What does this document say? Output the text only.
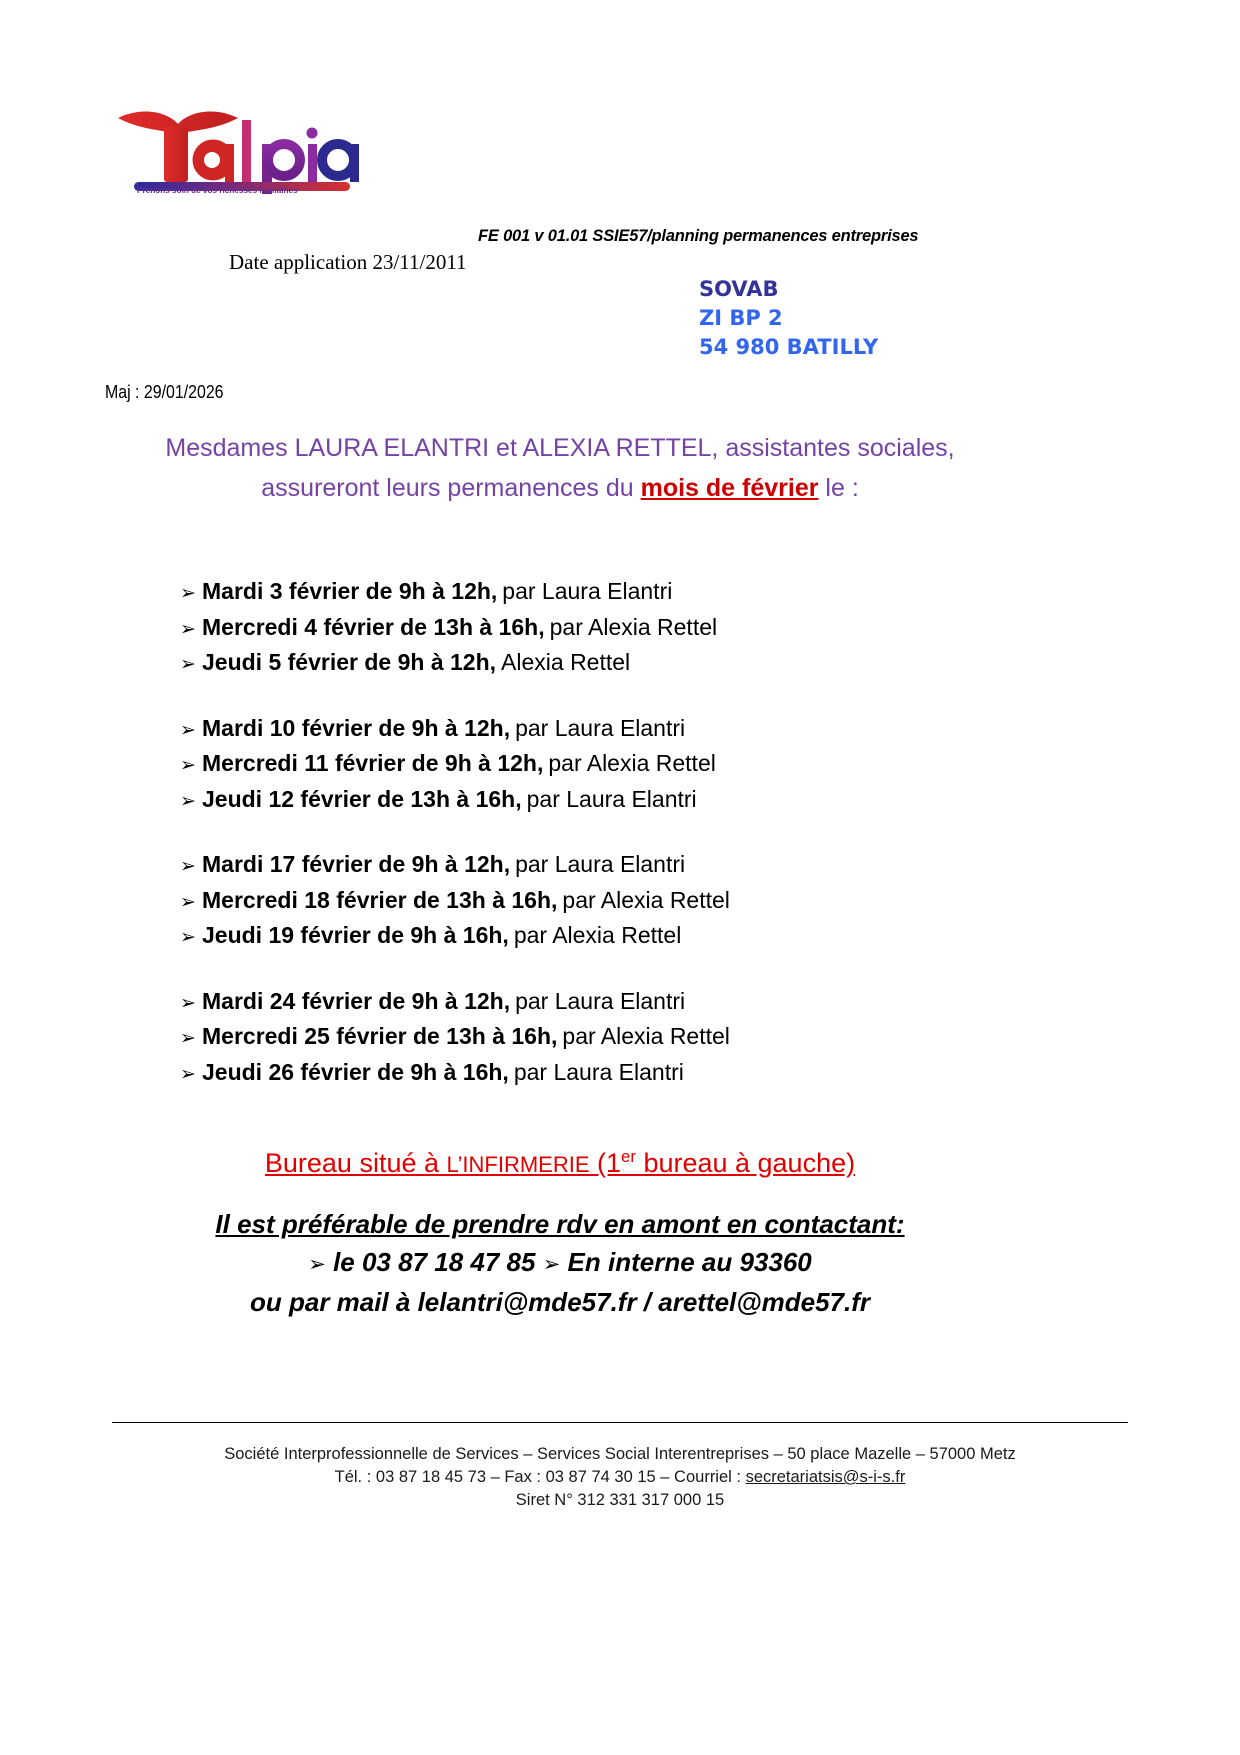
Prenons soin de vos richesses humaines
FE 001 v 01.01 SSIE57/planning permanences entreprises
Date application 23/11/2011
SOVAB
ZI BP 2
54 980 BATILLY
Maj : 29/01/2026
Mesdames LAURA ELANTRI et ALEXIA RETTEL, assistantes sociales,
assureront leurs permanences du mois de février le :
➢ Mardi 3 février de 9h à 12h, par Laura Elantri
➢ Mercredi 4 février de 13h à 16h, par Alexia Rettel
➢ Jeudi 5 février de 9h à 12h, Alexia Rettel
➢ Mardi 10 février de 9h à 12h, par Laura Elantri
➢ Mercredi 11 février de 9h à 12h, par Alexia Rettel
➢ Jeudi 12 février de 13h à 16h, par Laura Elantri
➢ Mardi 17 février de 9h à 12h, par Laura Elantri
➢ Mercredi 18 février de 13h à 16h, par Alexia Rettel
➢ Jeudi 19 février de 9h à 16h, par Alexia Rettel
➢ Mardi 24 février de 9h à 12h, par Laura Elantri
➢ Mercredi 25 février de 13h à 16h, par Alexia Rettel
➢ Jeudi 26 février de 9h à 16h, par Laura Elantri
Bureau situé à L’INFIRMERIE (1er bureau à gauche)
Il est préférable de prendre rdv en amont en contactant:
➢ le 03 87 18 47 85 ➢ En interne au 93360
ou par mail à lelantri@mde57.fr / arettel@mde57.fr
Société Interprofessionnelle de Services – Services Social Interentreprises – 50 place Mazelle – 57000 Metz
Tél. : 03 87 18 45 73 – Fax : 03 87 74 30 15 – Courriel : secretariatsis@s-i-s.fr
Siret N° 312 331 317 000 15
